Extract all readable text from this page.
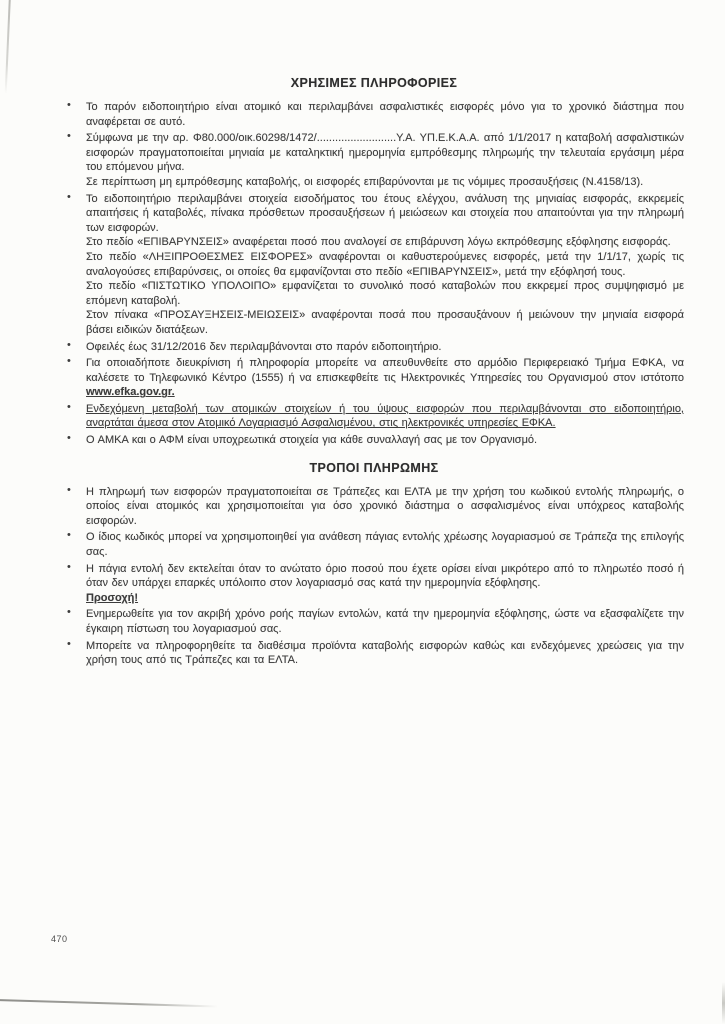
ΧΡΗΣΙΜΕΣ ΠΛΗΡΟΦΟΡΙΕΣ
• Το παρόν ειδοποιητήριο είναι ατομικό και περιλαμβάνει ασφαλιστικές εισφορές μόνο για το χρονικό διάστημα που αναφέρεται σε αυτό.
• Σύμφωνα με την αρ. Φ80.000/οικ.60298/1472/..........................Υ.Α. ΥΠ.Ε.Κ.Α.Α. από 1/1/2017 η καταβολή ασφαλιστικών εισφορών πραγματοποιείται μηνιαία με καταληκτική ημερομηνία εμπρόθεσμης πληρωμής την τελευταία εργάσιμη μέρα του επόμενου μήνα.
Σε περίπτωση μη εμπρόθεσμης καταβολής, οι εισφορές επιβαρύνονται με τις νόμιμες προσαυξήσεις (Ν.4158/13).
• Το ειδοποιητήριο περιλαμβάνει στοιχεία εισοδήματος του έτους ελέγχου, ανάλυση της μηνιαίας εισφοράς, εκκρεμείς απαιτήσεις ή καταβολές, πίνακα πρόσθετων προσαυξήσεων ή μειώσεων και στοιχεία που απαιτούνται για την πληρωμή των εισφορών.
Στο πεδίο «ΕΠΙΒΑΡΥΝΣΕΙΣ» αναφέρεται ποσό που αναλογεί σε επιβάρυνση λόγω εκπρόθεσμης εξόφλησης εισφοράς.
Στο πεδίο «ΛΗΞΙΠΡΟΘΕΣΜΕΣ ΕΙΣΦΟΡΕΣ» αναφέρονται οι καθυστερούμενες εισφορές, μετά την 1/1/17, χωρίς τις αναλογούσες επιβαρύνσεις, οι οποίες θα εμφανίζονται στο πεδίο «ΕΠΙΒΑΡΥΝΣΕΙΣ», μετά την εξόφλησή τους.
Στο πεδίο «ΠΙΣΤΩΤΙΚΟ ΥΠΟΛΟΙΠΟ» εμφανίζεται το συνολικό ποσό καταβολών που εκκρεμεί προς συμψηφισμό με επόμενη καταβολή.
Στον πίνακα «ΠΡΟΣΑΥΞΗΣΕΙΣ-ΜΕΙΩΣΕΙΣ» αναφέρονται ποσά που προσαυξάνουν ή μειώνουν την μηνιαία εισφορά βάσει ειδικών διατάξεων.
• Οφειλές έως 31/12/2016 δεν περιλαμβάνονται στο παρόν ειδοποιητήριο.
• Για οποιαδήποτε διευκρίνιση ή πληροφορία μπορείτε να απευθυνθείτε στο αρμόδιο Περιφερειακό Τμήμα ΕΦΚΑ, να καλέσετε το Τηλεφωνικό Κέντρο (1555) ή να επισκεφθείτε τις Ηλεκτρονικές Υπηρεσίες του Οργανισμού στον ιστότοπο www.efka.gov.gr.
• Ενδεχόμενη μεταβολή των ατομικών στοιχείων ή του ύψους εισφορών που περιλαμβάνονται στο ειδοποιητήριο, αναρτάται άμεσα στον Ατομικό Λογαριασμό Ασφαλισμένου, στις ηλεκτρονικές υπηρεσίες ΕΦΚΑ.
• Ο ΑΜΚΑ και ο ΑΦΜ είναι υποχρεωτικά στοιχεία για κάθε συναλλαγή σας με τον Οργανισμό.
ΤΡΟΠΟΙ ΠΛΗΡΩΜΗΣ
• Η πληρωμή των εισφορών πραγματοποιείται σε Τράπεζες και ΕΛΤΑ με την χρήση του κωδικού εντολής πληρωμής, ο οποίος είναι ατομικός και χρησιμοποιείται για όσο χρονικό διάστημα ο ασφαλισμένος είναι υπόχρεος καταβολής εισφορών.
• Ο ίδιος κωδικός μπορεί να χρησιμοποιηθεί για ανάθεση πάγιας εντολής χρέωσης λογαριασμού σε Τράπεζα της επιλογής σας.
• Η πάγια εντολή δεν εκτελείται όταν το ανώτατο όριο ποσού που έχετε ορίσει είναι μικρότερο από το πληρωτέο ποσό ή όταν δεν υπάρχει επαρκές υπόλοιπο στον λογαριασμό σας κατά την ημερομηνία εξόφλησης.
Προσοχή!
• Ενημερωθείτε για τον ακριβή χρόνο ροής παγίων εντολών, κατά την ημερομηνία εξόφλησης, ώστε να εξασφαλίζετε την έγκαιρη πίστωση του λογαριασμού σας.
• Μπορείτε να πληροφορηθείτε τα διαθέσιμα προϊόντα καταβολής εισφορών καθώς και ενδεχόμενες χρεώσεις για την χρήση τους από τις Τράπεζες και τα ΕΛΤΑ.
470
